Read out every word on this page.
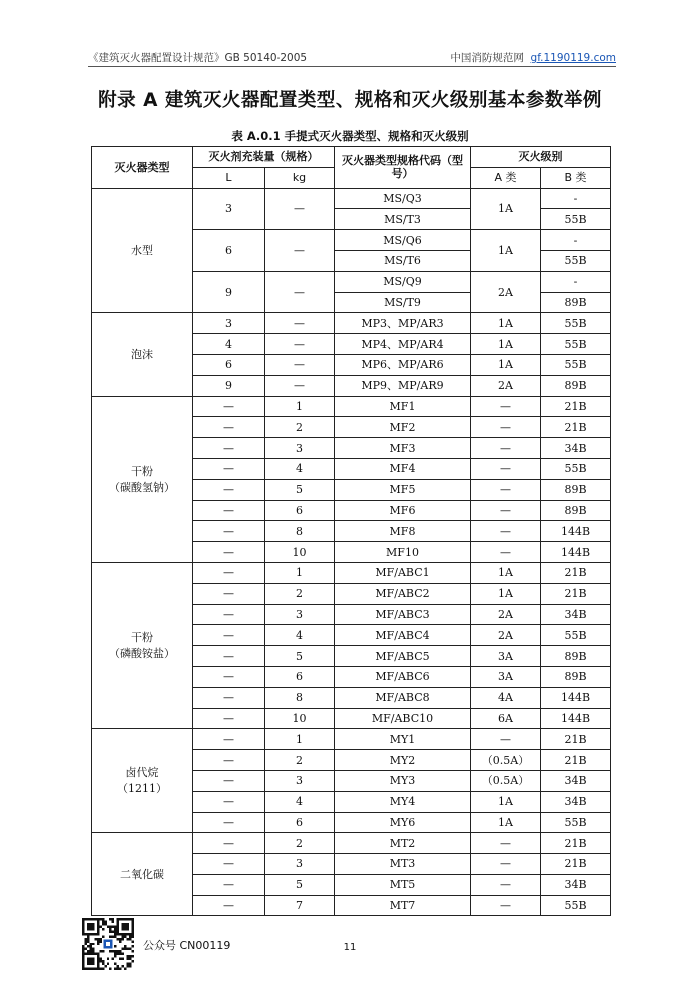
《建筑灭火器配置设计规范》GB 50140-2005	中国消防规范网 gf.1190119.com
附录 A 建筑灭火器配置类型、规格和灭火级别基本参数举例
表 A.0.1 手提式灭火器类型、规格和灭火级别
灭火器类型	灭火剂充装量（规格）		灭火器类型规格代码（型号）	灭火级别	
	L	kg		A 类	B 类
水型	3	—	MS/Q3	1A	-
			MS/T3		55B
	6	—	MS/Q6	1A	-
			MS/T6		55B
	9	—	MS/Q9	2A	-
			MS/T9		89B

泡沫	3	—	MP3、MP/AR3	1A	55B
	4	—	MP4、MP/AR4	1A	55B
	6	—	MP6、MP/AR6	1A	55B
	9	—	MP9、MP/AR9	2A	89B

干粉
（碳酸氢钠）	—	1	MF1	—	21B
	—	2	MF2	—	21B
	—	3	MF3	—	34B
	—	4	MF4	—	55B
	—	5	MF5	—	89B
	—	6	MF6	—	89B
	—	8	MF8	—	144B
	—	10	MF10	—	144B

干粉
（磷酸铵盐）	—	1	MF/ABC1	1A	21B
	—	2	MF/ABC2	1A	21B
	—	3	MF/ABC3	2A	34B
	—	4	MF/ABC4	2A	55B
	—	5	MF/ABC5	3A	89B
	—	6	MF/ABC6	3A	89B
	—	8	MF/ABC8	4A	144B
	—	10	MF/ABC10	6A	144B

卤代烷
（1211）	—	1	MY1	—	21B
	—	2	MY2	（0.5A）	21B
	—	3	MY3	（0.5A）	34B
	—	4	MY4	1A	34B
	—	6	MY6	1A	55B

二氧化碳	—	2	MT2	—	21B
	—	3	MT3	—	21B
	—	5	MT5	—	34B
	—	7	MT7	—	55B
公众号 CN00119	11
